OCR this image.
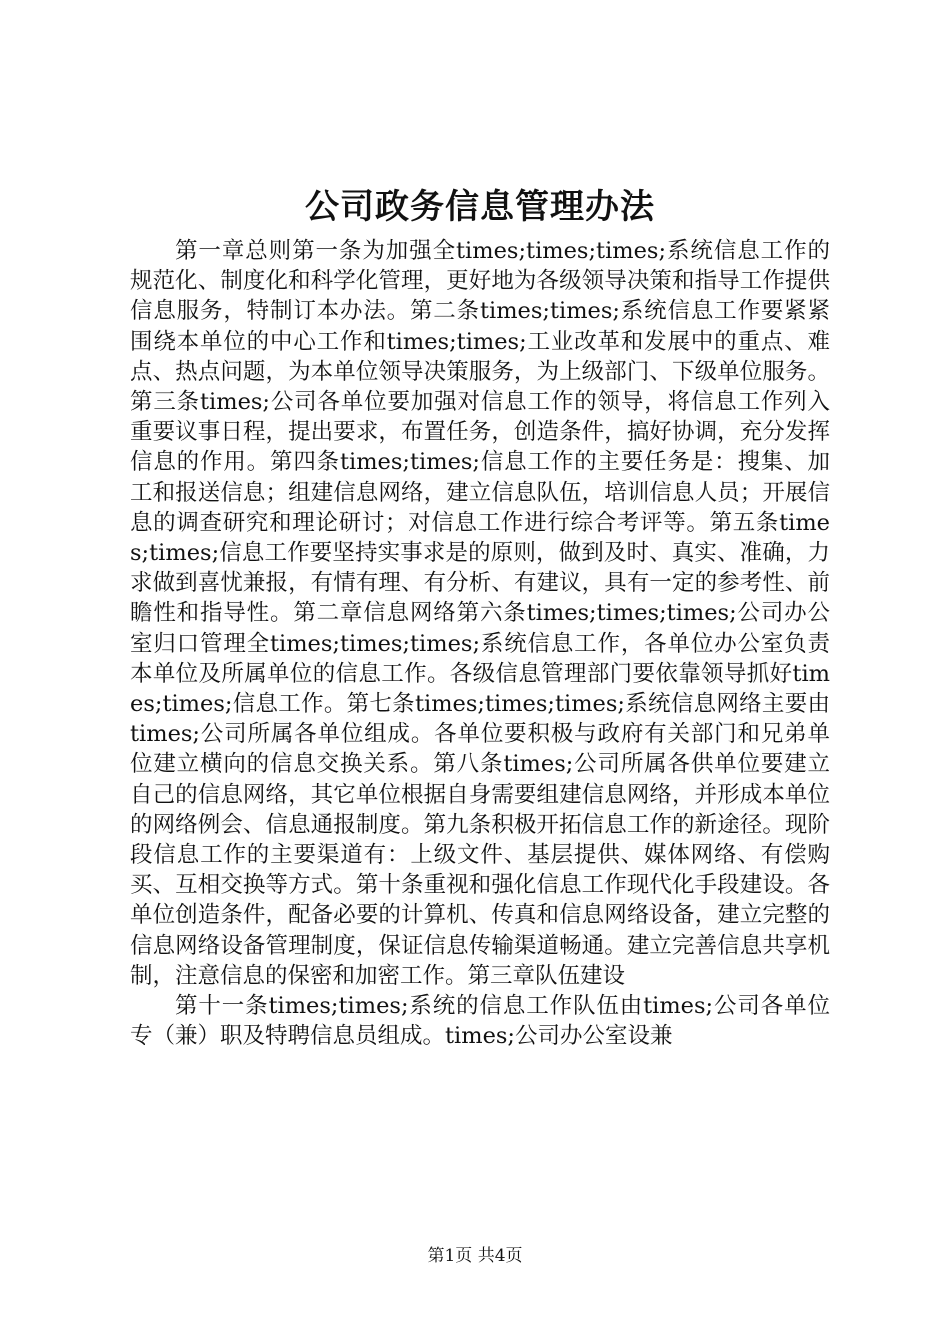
公司政务信息管理办法

第一章总则第一条为加强全times;times;times;系统信息工作的规范化、制度化和科学化管理，更好地为各级领导决策和指导工作提供信息服务，特制订本办法。第二条times;times;系统信息工作要紧紧围绕本单位的中心工作和times;times;工业改革和发展中的重点、难点、热点问题，为本单位领导决策服务，为上级部门、下级单位服务。第三条times;公司各单位要加强对信息工作的领导，将信息工作列入重要议事日程，提出要求，布置任务，创造条件，搞好协调，充分发挥信息的作用。第四条times;times;信息工作的主要任务是：搜集、加工和报送信息；组建信息网络，建立信息队伍，培训信息人员；开展信息的调查研究和理论研讨；对信息工作进行综合考评等。第五条times;times;信息工作要坚持实事求是的原则，做到及时、真实、准确，力求做到喜忧兼报，有情有理、有分析、有建议，具有一定的参考性、前瞻性和指导性。第二章信息网络第六条times;times;times;公司办公室归口管理全times;times;times;系统信息工作，各单位办公室负责本单位及所属单位的信息工作。各级信息管理部门要依靠领导抓好times;times;信息工作。第七条times;times;times;系统信息网络主要由times;公司所属各单位组成。各单位要积极与政府有关部门和兄弟单位建立横向的信息交换关系。第八条times;公司所属各供单位要建立自己的信息网络，其它单位根据自身需要组建信息网络，并形成本单位的网络例会、信息通报制度。第九条积极开拓信息工作的新途径。现阶段信息工作的主要渠道有：上级文件、基层提供、媒体网络、有偿购买、互相交换等方式。第十条重视和强化信息工作现代化手段建设。各单位创造条件，配备必要的计算机、传真和信息网络设备，建立完整的信息网络设备管理制度，保证信息传输渠道畅通。建立完善信息共享机制，注意信息的保密和加密工作。第三章队伍建设

第十一条times;times;系统的信息工作队伍由times;公司各单位专（兼）职及特聘信息员组成。times;公司办公室设兼

第1页 共4页
